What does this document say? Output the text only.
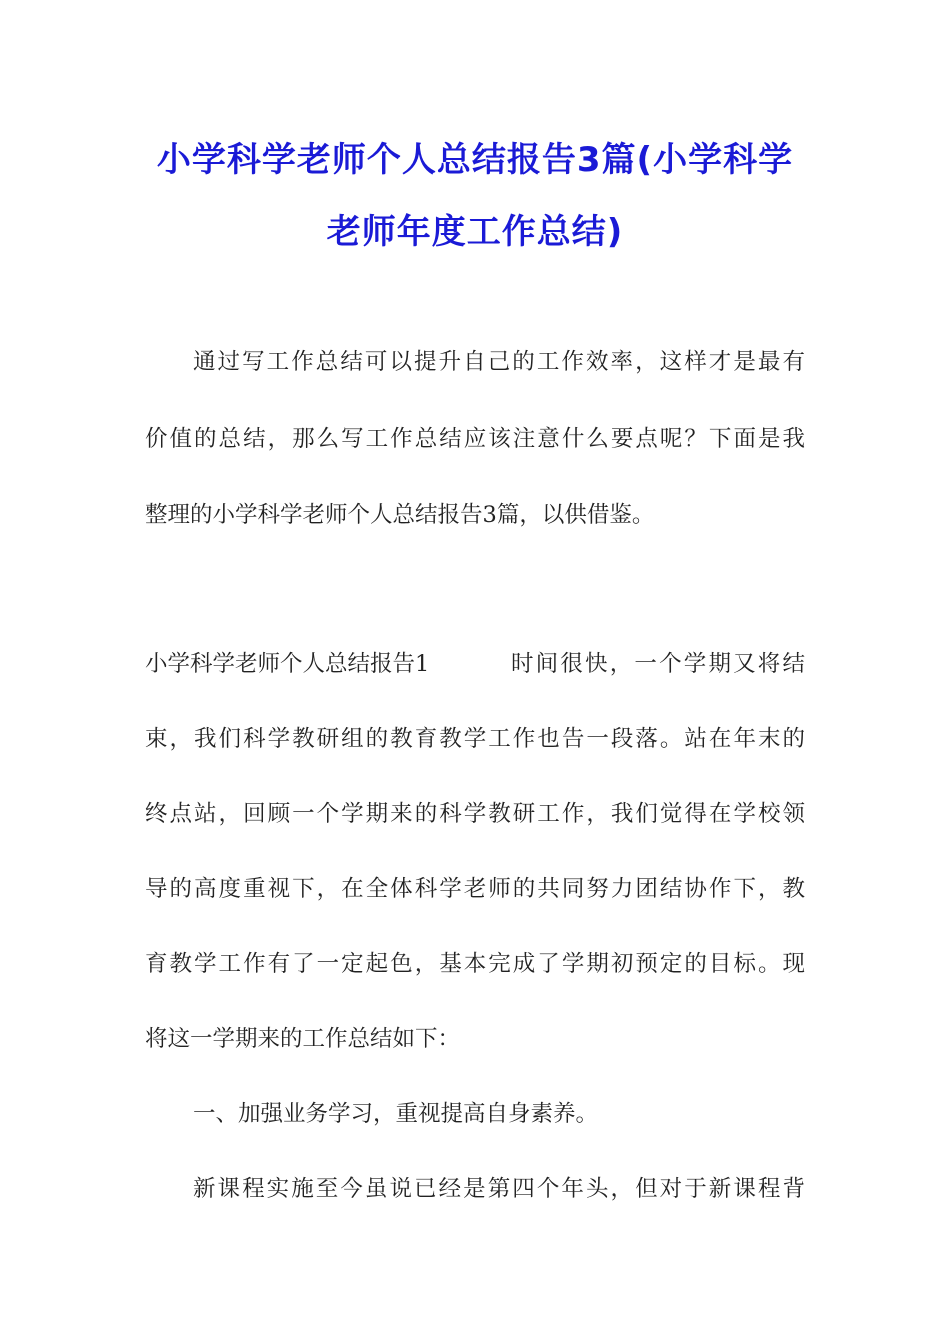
小学科学老师个人总结报告3篇(小学科学
老师年度工作总结)

通过写工作总结可以提升自己的工作效率，这样才是最有

价值的总结，那么写工作总结应该注意什么要点呢？下面是我

整理的小学科学老师个人总结报告3篇，以供借鉴。

小学科学老师个人总结报告1	时间很快，一个学期又将结

束，我们科学教研组的教育教学工作也告一段落。站在年末的

终点站，回顾一个学期来的科学教研工作，我们觉得在学校领

导的高度重视下，在全体科学老师的共同努力团结协作下，教

育教学工作有了一定起色，基本完成了学期初预定的目标。现

将这一学期来的工作总结如下：

一、加强业务学习，重视提高自身素养。

新课程实施至今虽说已经是第四个年头，但对于新课程背
